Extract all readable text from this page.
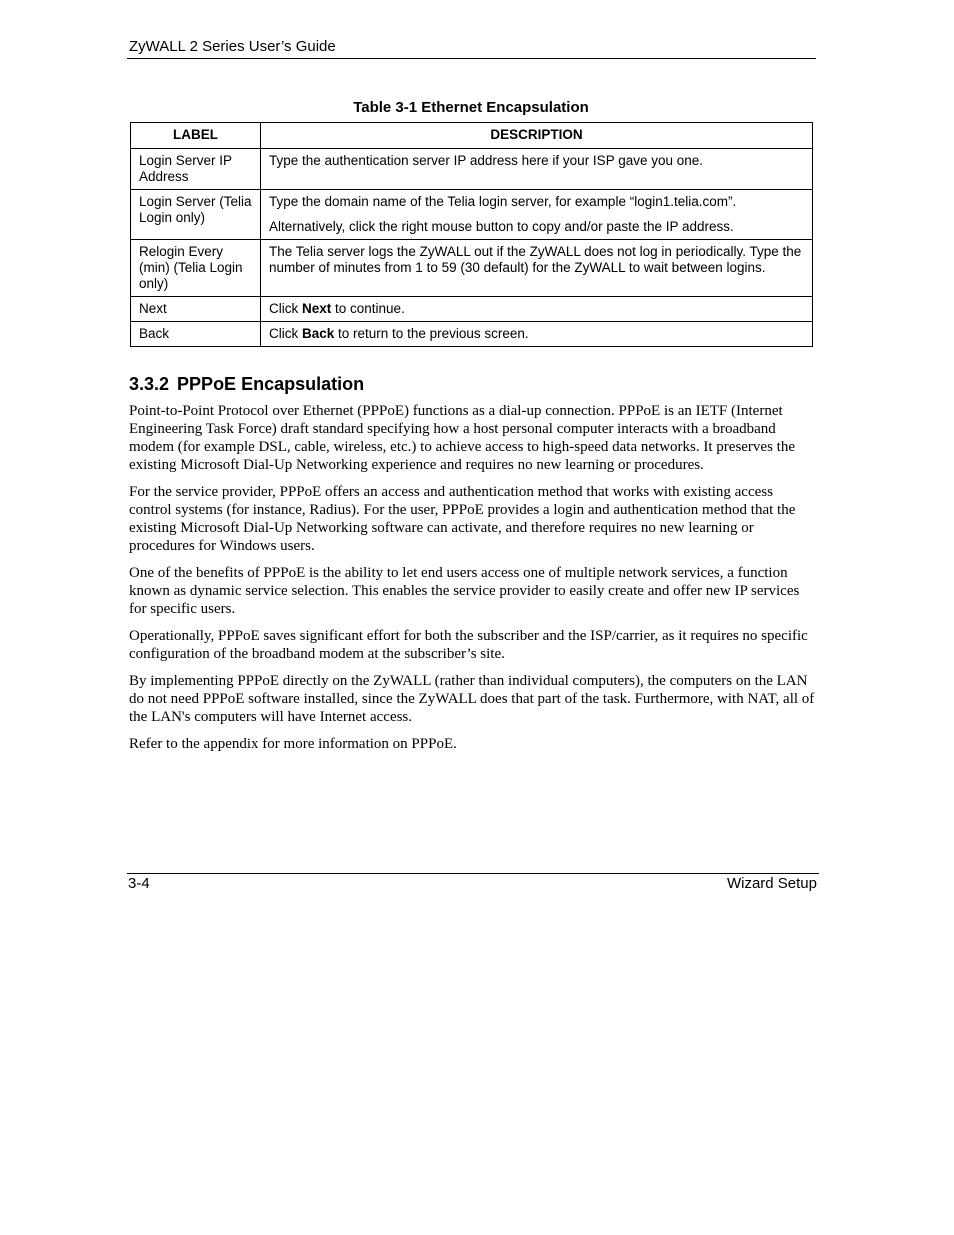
ZyWALL 2 Series User’s Guide
Table 3-1 Ethernet Encapsulation
LABEL	DESCRIPTION
Login Server IP Address	Type the authentication server IP address here if your ISP gave you one.

Login Server (Telia Login only)	Type the domain name of the Telia login server, for example “login1.telia.com”.

Alternatively, click the right mouse button to copy and/or paste the IP address.

Relogin Every (min) (Telia Login only)	The Telia server logs the ZyWALL out if the ZyWALL does not log in periodically. Type the number of minutes from 1 to 59 (30 default) for the ZyWALL to wait between logins.

Next	Click Next to continue.
Back	Click Back to return to the previous screen.
3.3.2 PPPoE Encapsulation

Point-to-Point Protocol over Ethernet (PPPoE) functions as a dial-up connection. PPPoE is an IETF (Internet Engineering Task Force) draft standard specifying how a host personal computer interacts with a broadband modem (for example DSL, cable, wireless, etc.) to achieve access to high-speed data networks. It preserves the existing Microsoft Dial-Up Networking experience and requires no new learning or procedures.

For the service provider, PPPoE offers an access and authentication method that works with existing access control systems (for instance, Radius). For the user, PPPoE provides a login and authentication method that the existing Microsoft Dial-Up Networking software can activate, and therefore requires no new learning or procedures for Windows users.

One of the benefits of PPPoE is the ability to let end users access one of multiple network services, a function known as dynamic service selection. This enables the service provider to easily create and offer new IP services for specific users.

Operationally, PPPoE saves significant effort for both the subscriber and the ISP/carrier, as it requires no specific configuration of the broadband modem at the subscriber’s site.

By implementing PPPoE directly on the ZyWALL (rather than individual computers), the computers on the LAN do not need PPPoE software installed, since the ZyWALL does that part of the task. Furthermore, with NAT, all of the LAN's computers will have Internet access.

Refer to the appendix for more information on PPPoE.

3-4	Wizard Setup
